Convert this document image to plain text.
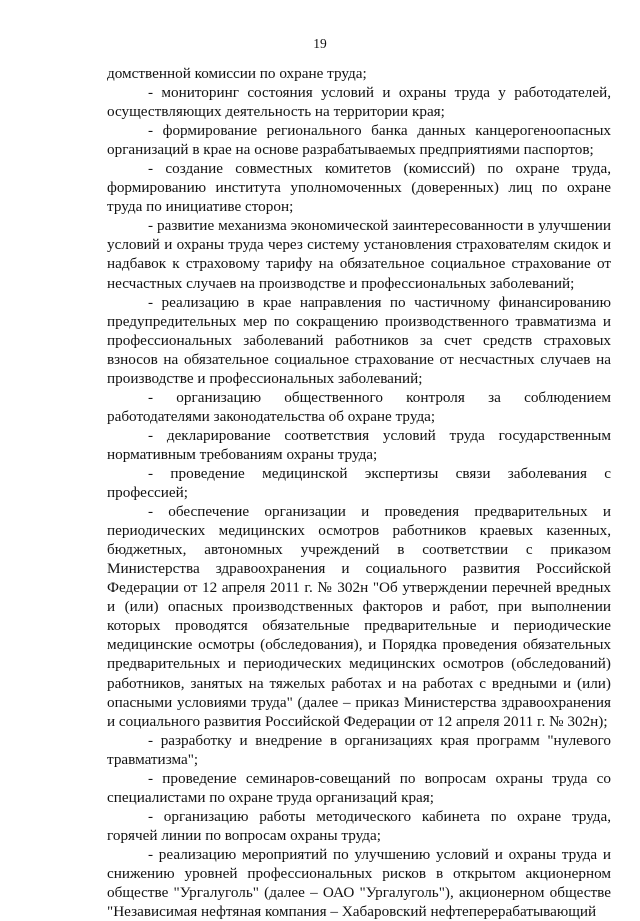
19

домственной комиссии по охране труда;

- мониторинг состояния условий и охраны труда у работодателей, осуществляющих деятельность на территории края;

- формирование регионального банка данных канцерогеноопасных организаций в крае на основе разрабатываемых предприятиями паспортов;

- создание совместных комитетов (комиссий) по охране труда, формированию института уполномоченных (доверенных) лиц по охране труда по инициативе сторон;

- развитие механизма экономической заинтересованности в улучшении условий и охраны труда через систему установления страхователям скидок и надбавок к страховому тарифу на обязательное социальное страхование от несчастных случаев на производстве и профессиональных заболеваний;

- реализацию в крае направления по частичному финансированию предупредительных мер по сокращению производственного травматизма и профессиональных заболеваний работников за счет средств страховых взносов на обязательное социальное страхование от несчастных случаев на производстве и профессиональных заболеваний;

- организацию общественного контроля за соблюдением работодателями законодательства об охране труда;

- декларирование соответствия условий труда государственным нормативным требованиям охраны труда;

- проведение медицинской экспертизы связи заболевания с профессией;

- обеспечение организации и проведения предварительных и периодических медицинских осмотров работников краевых казенных, бюджетных, автономных учреждений в соответствии с приказом Министерства здравоохранения и социального развития Российской Федерации от 12 апреля 2011 г. № 302н "Об утверждении перечней вредных и (или) опасных производственных факторов и работ, при выполнении которых проводятся обязательные предварительные и периодические медицинские осмотры (обследования), и Порядка проведения обязательных предварительных и периодических медицинских осмотров (обследований) работников, занятых на тяжелых работах и на работах с вредными и (или) опасными условиями труда" (далее – приказ Министерства здравоохранения и социального развития Российской Федерации от 12 апреля 2011 г. № 302н);

- разработку и внедрение в организациях края программ "нулевого травматизма";

- проведение семинаров-совещаний по вопросам охраны труда со специалистами по охране труда организаций края;

- организацию работы методического кабинета по охране труда, горячей линии по вопросам охраны труда;

- реализацию мероприятий по улучшению условий и охраны труда и снижению уровней профессиональных рисков в открытом акционерном обществе "Ургалуголь" (далее – ОАО "Ургалуголь"), акционерном обществе "Независимая нефтяная компания – Хабаровский нефтеперерабатывающий
